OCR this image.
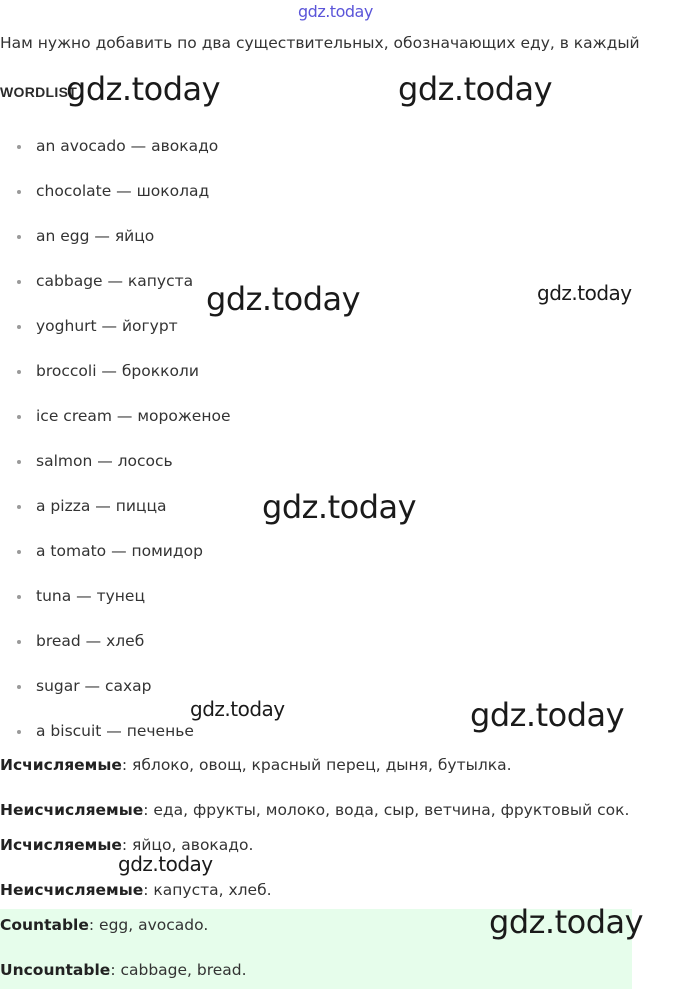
gdz.today
Нам нужно добавить по два существительных, обозначающих еду, в каждый
WORDLIST
an avocado — авокадо
chocolate — шоколад
an egg — яйцо
cabbage — капуста
yoghurt — йогурт
broccoli — брокколи
ice cream — мороженое
salmon — лосось
a pizza — пицца
a tomato — помидор
tuna — тунец
bread — хлеб
sugar — сахар
a biscuit — печенье
Исчисляемые: яблоко, овощ, красный перец, дыня, бутылка.
Неисчисляемые: еда, фрукты, молоко, вода, сыр, ветчина, фруктовый сок.
Исчисляемые: яйцо, авокадо.
Неисчисляемые: капуста, хлеб.
Countable: egg, avocado.
Uncountable: cabbage, bread.
gdz.today	gdz.today
gdz.today	gdz.today
gdz.today
gdz.today	gdz.today
gdz.today
gdz.today
